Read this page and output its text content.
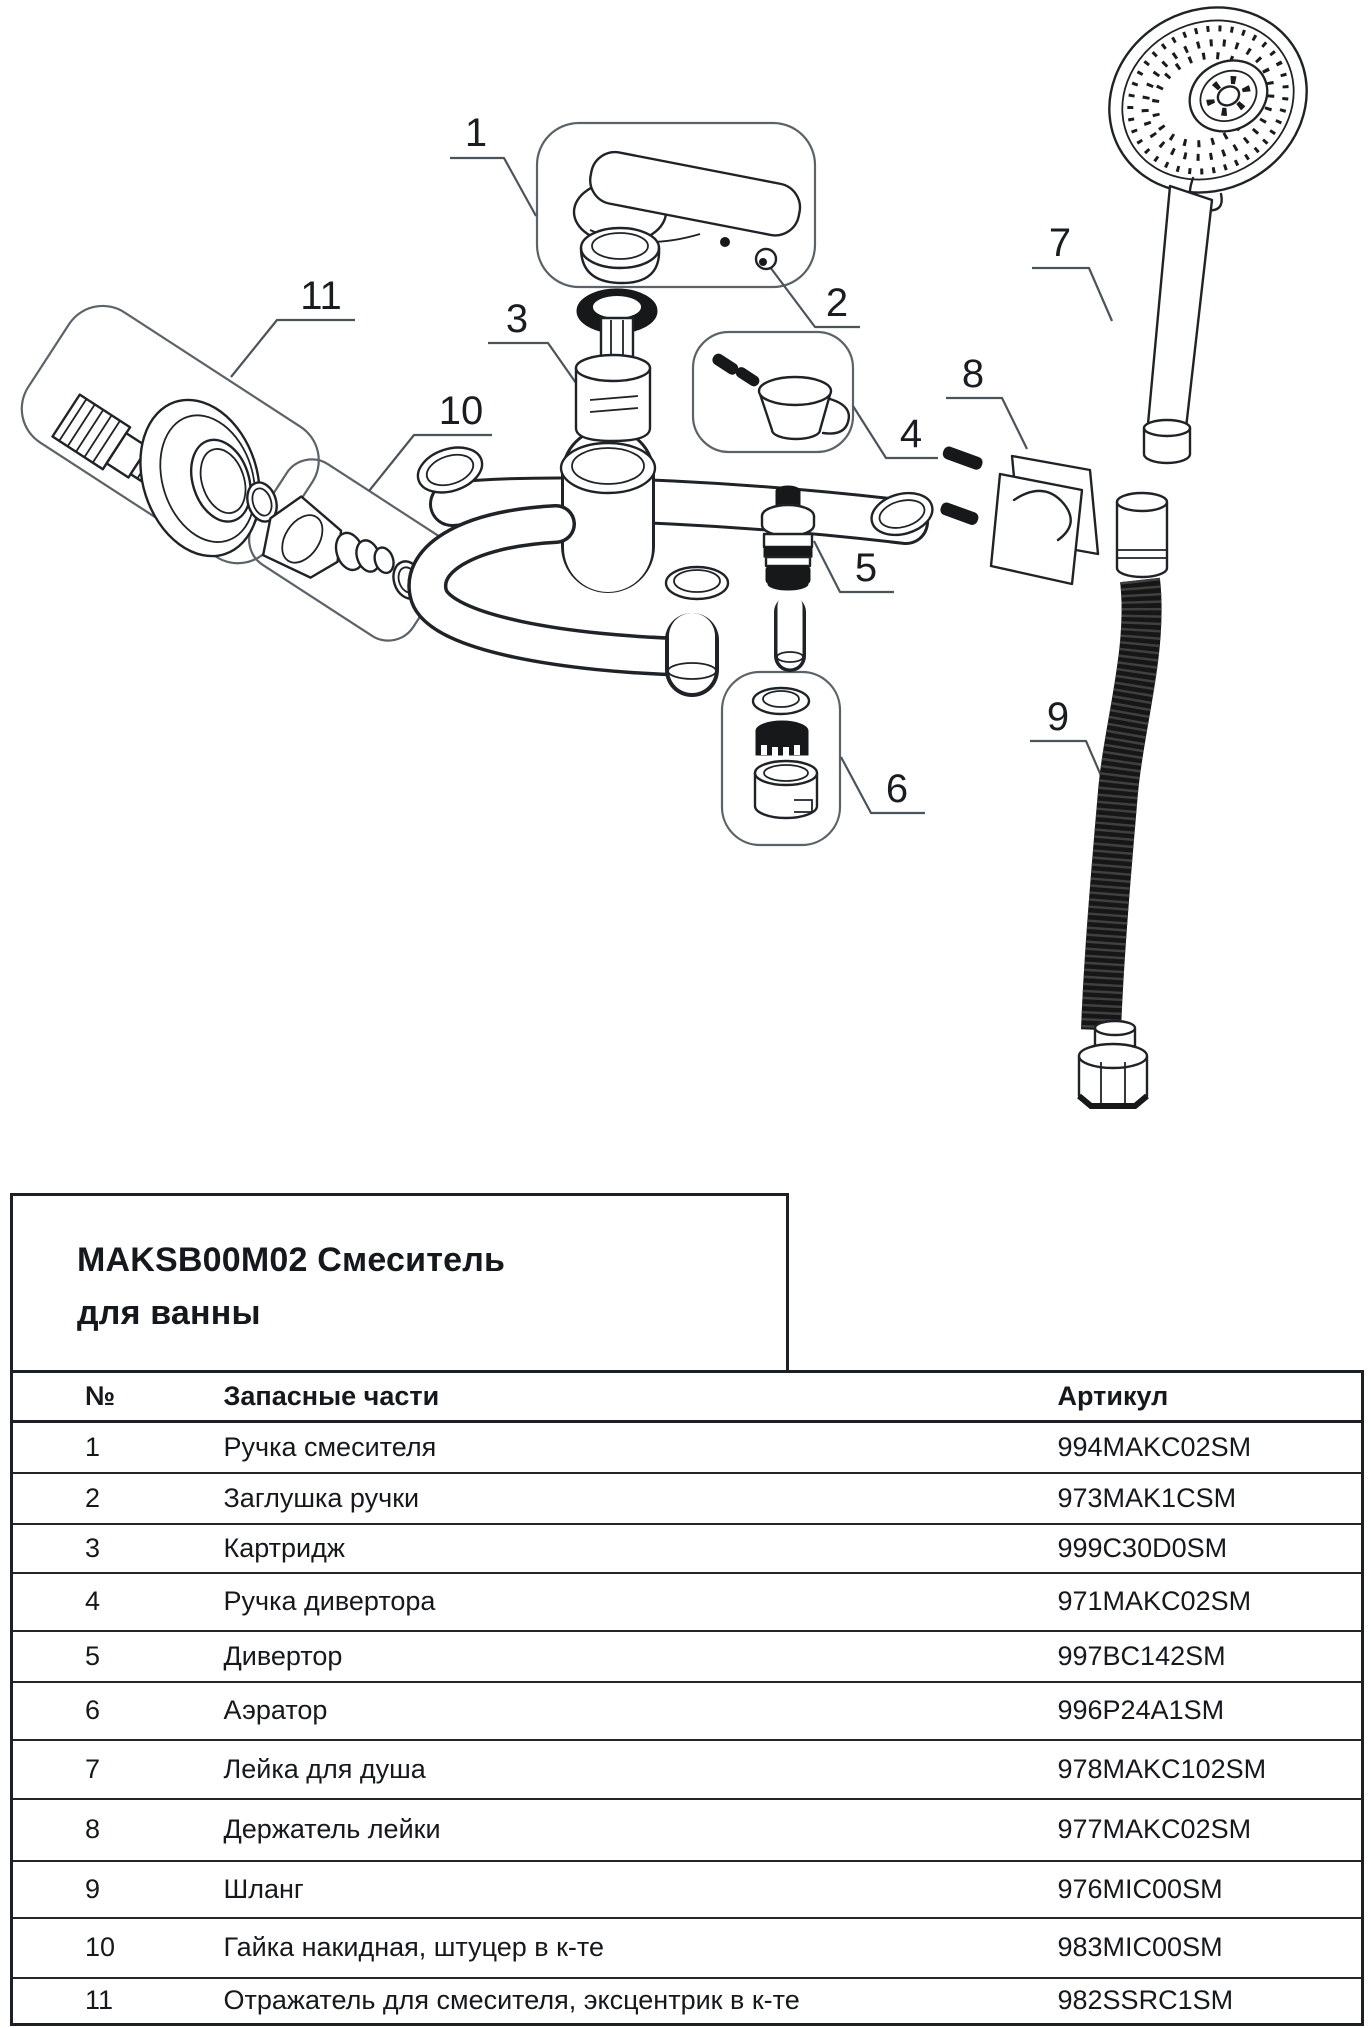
1
2
3
4
5
6
7
8
9
10
11
MAKSB00M02 Смеситель
для ванны
№	Запасные части	Артикул
1	Ручка смесителя	994MAKC02SM
2	Заглушка ручки	973MAK1CSM
3	Картридж	999C30D0SM
4	Ручка дивертора	971MAKC02SM
5	Дивертор	997BC142SM
6	Аэратор	996P24A1SM
7	Лейка для душа	978MAKC102SM
8	Держатель лейки	977MAKC02SM
9	Шланг	976MIC00SM
10	Гайка накидная, штуцер в к-те	983MIC00SM
11	Отражатель для смесителя, эксцентрик в к-те	982SSRC1SM
